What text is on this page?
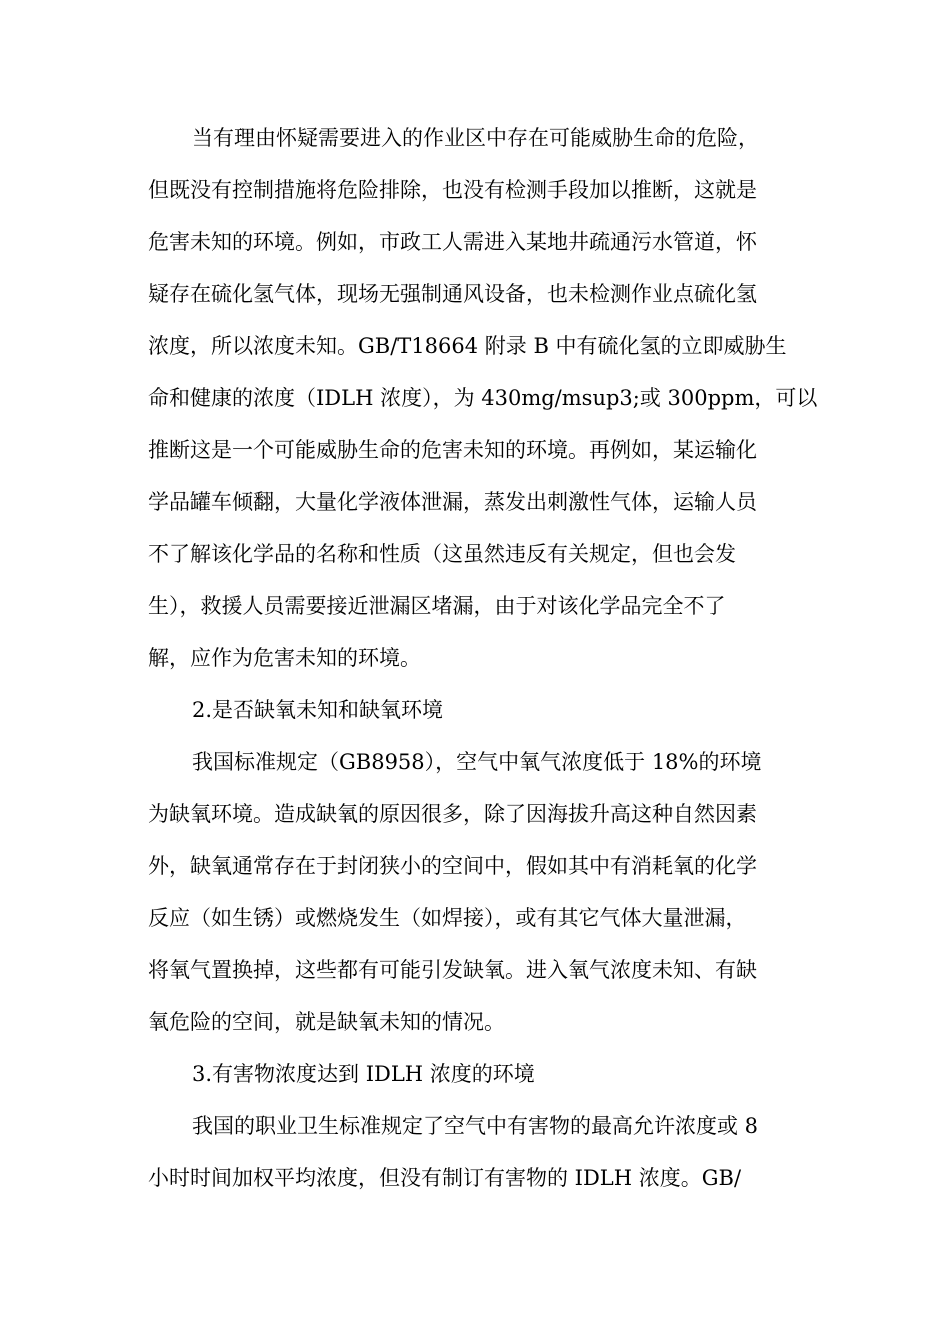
当有理由怀疑需要进入的作业区中存在可能威胁生命的危险，
但既没有控制措施将危险排除，也没有检测手段加以推断，这就是
危害未知的环境。例如，市政工人需进入某地井疏通污水管道，怀
疑存在硫化氢气体，现场无强制通风设备，也未检测作业点硫化氢
浓度，所以浓度未知。GB/T18664 附录 B 中有硫化氢的立即威胁生
命和健康的浓度（IDLH 浓度），为 430mg/msup3;或 300ppm，可以
推断这是一个可能威胁生命的危害未知的环境。再例如，某运输化
学品罐车倾翻，大量化学液体泄漏，蒸发出刺激性气体，运输人员
不了解该化学品的名称和性质（这虽然违反有关规定，但也会发
生），救援人员需要接近泄漏区堵漏，由于对该化学品完全不了
解，应作为危害未知的环境。
2.是否缺氧未知和缺氧环境
我国标准规定（GB8958），空气中氧气浓度低于 18%的环境
为缺氧环境。造成缺氧的原因很多，除了因海拔升高这种自然因素
外，缺氧通常存在于封闭狭小的空间中，假如其中有消耗氧的化学
反应（如生锈）或燃烧发生（如焊接），或有其它气体大量泄漏，
将氧气置换掉，这些都有可能引发缺氧。进入氧气浓度未知、有缺
氧危险的空间，就是缺氧未知的情况。
3.有害物浓度达到 IDLH 浓度的环境
我国的职业卫生标准规定了空气中有害物的最高允许浓度或 8
小时时间加权平均浓度，但没有制订有害物的 IDLH 浓度。GB/
